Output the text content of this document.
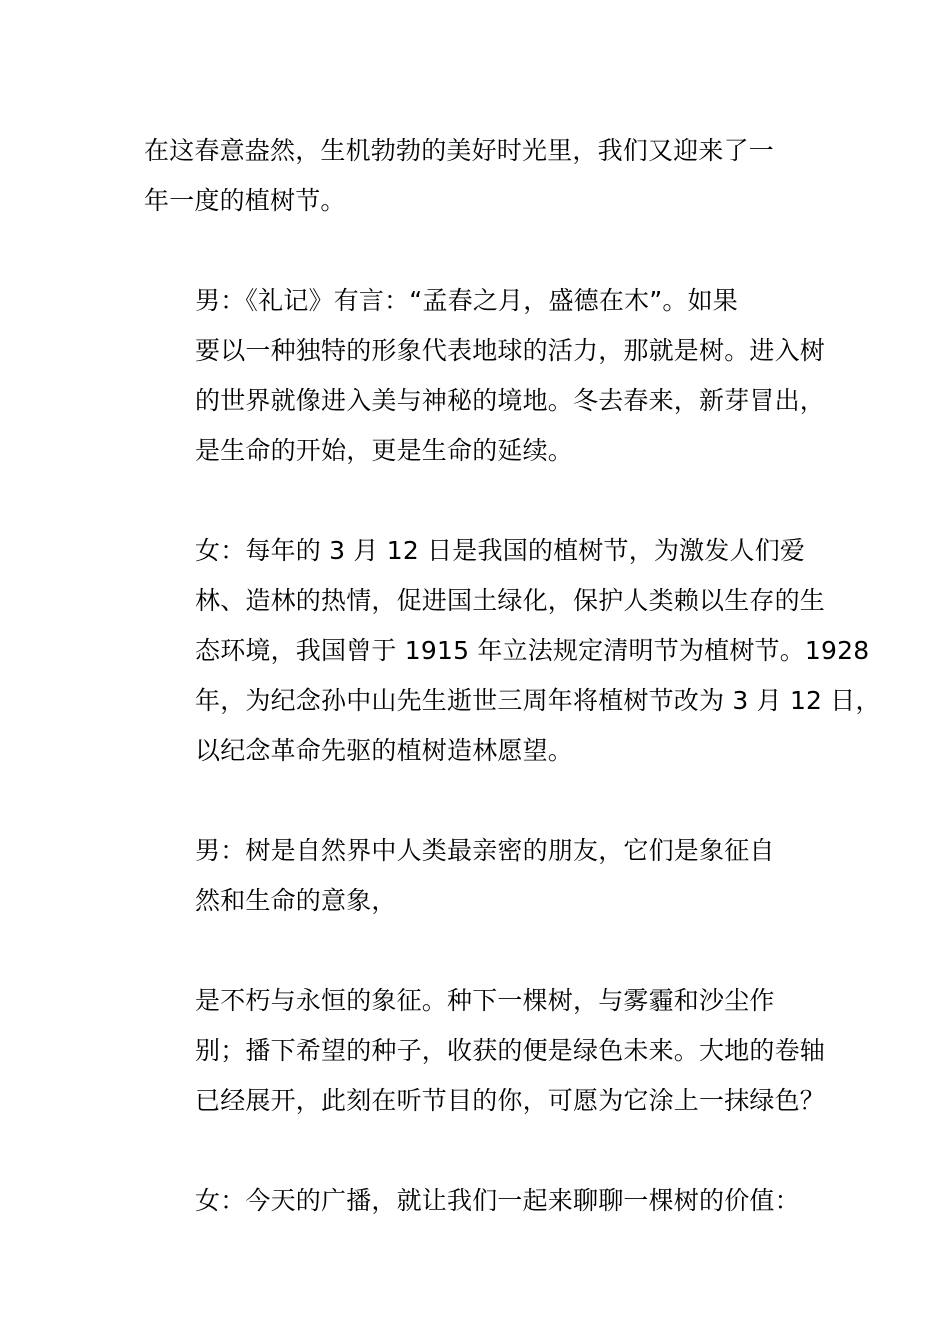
在这春意盎然，生机勃勃的美好时光里，我们又迎来了一
年一度的植树节。

男：《礼记》有言：“孟春之月，盛德在木”。如果
要以一种独特的形象代表地球的活力，那就是树。进入树
的世界就像进入美与神秘的境地。冬去春来，新芽冒出，
是生命的开始，更是生命的延续。

女：每年的 3 月 12 日是我国的植树节，为激发人们爱
林、造林的热情，促进国土绿化，保护人类赖以生存的生
态环境，我国曾于 1915 年立法规定清明节为植树节。1928
年，为纪念孙中山先生逝世三周年将植树节改为 3 月 12 日，
以纪念革命先驱的植树造林愿望。

男：树是自然界中人类最亲密的朋友，它们是象征自
然和生命的意象，

是不朽与永恒的象征。种下一棵树，与雾霾和沙尘作
别；播下希望的种子，收获的便是绿色未来。大地的卷轴
已经展开，此刻在听节目的你，可愿为它涂上一抹绿色？

女：今天的广播，就让我们一起来聊聊一棵树的价值：
